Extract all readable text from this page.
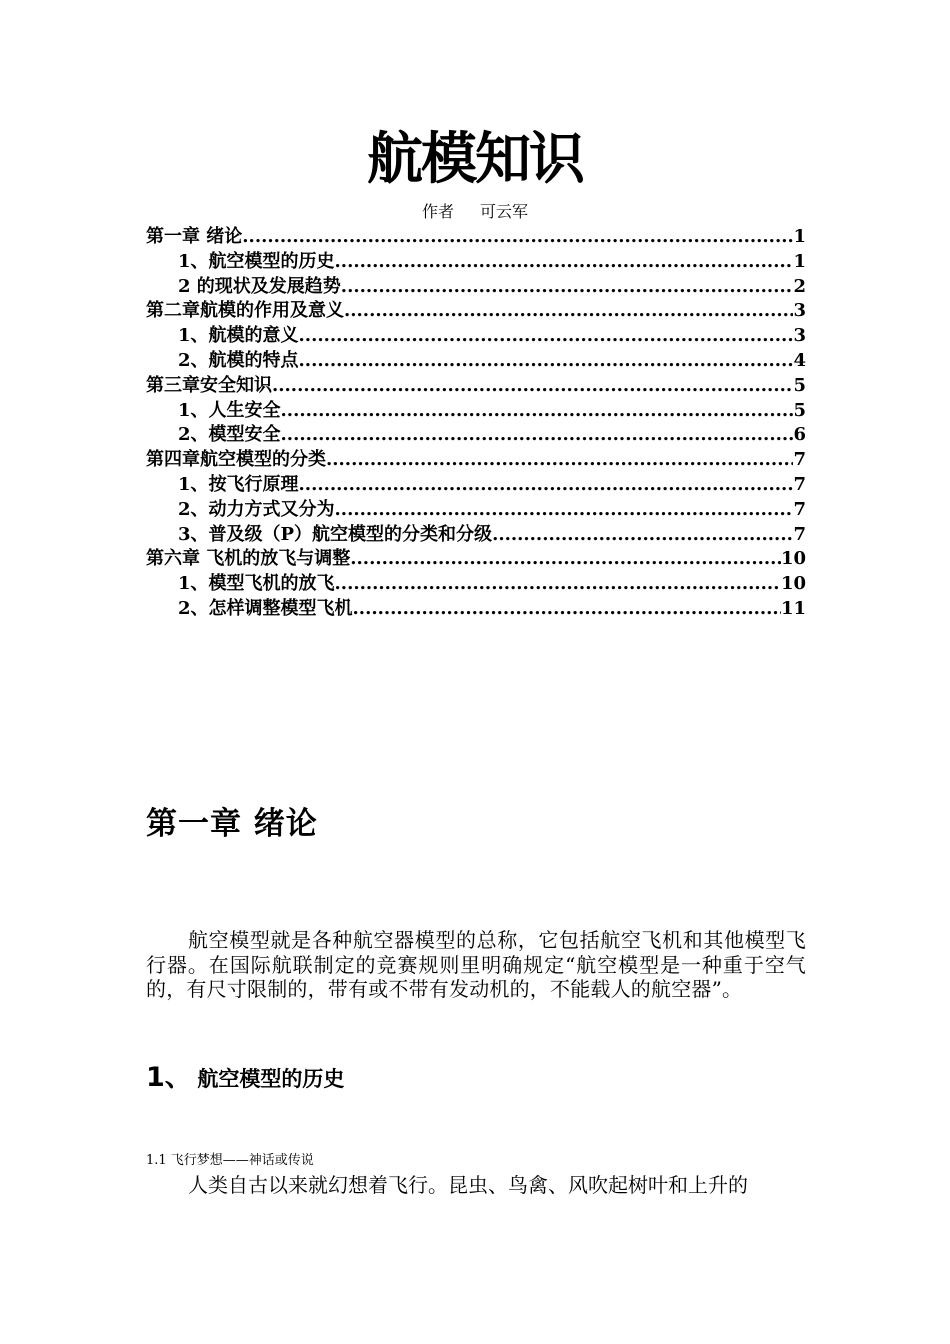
航模知识
作者 可云军
第一章 绪论 .....	1
1、航空模型的历史 .....	1
2 的现状及发展趋势 .....	2
第二章航模的作用及意义 .....	3
1、航模的意义 .....	3
2、航模的特点 .....	4
第三章安全知识 .....	5
1、人生安全 .....	5
2、模型安全 .....	6
第四章航空模型的分类 .....	7
1、按飞行原理 .....	7
2、动力方式又分为 .....	7
3、普及级（P）航空模型的分类和分级 .....	7
第六章 飞机的放飞与调整 .....	10
1、模型飞机的放飞 .....	10
2、怎样调整模型飞机 .....	11
第一章 绪论
航空模型就是各种航空器模型的总称，它包括航空飞机和其他模型飞行器。在国际航联制定的竞赛规则里明确规定“航空模型是一种重于空气的，有尺寸限制的，带有或不带有发动机的，不能载人的航空器”。
1、 航空模型的历史
1.1 飞行梦想——神话或传说
人类自古以来就幻想着飞行。昆虫、鸟禽、风吹起树叶和上升的
